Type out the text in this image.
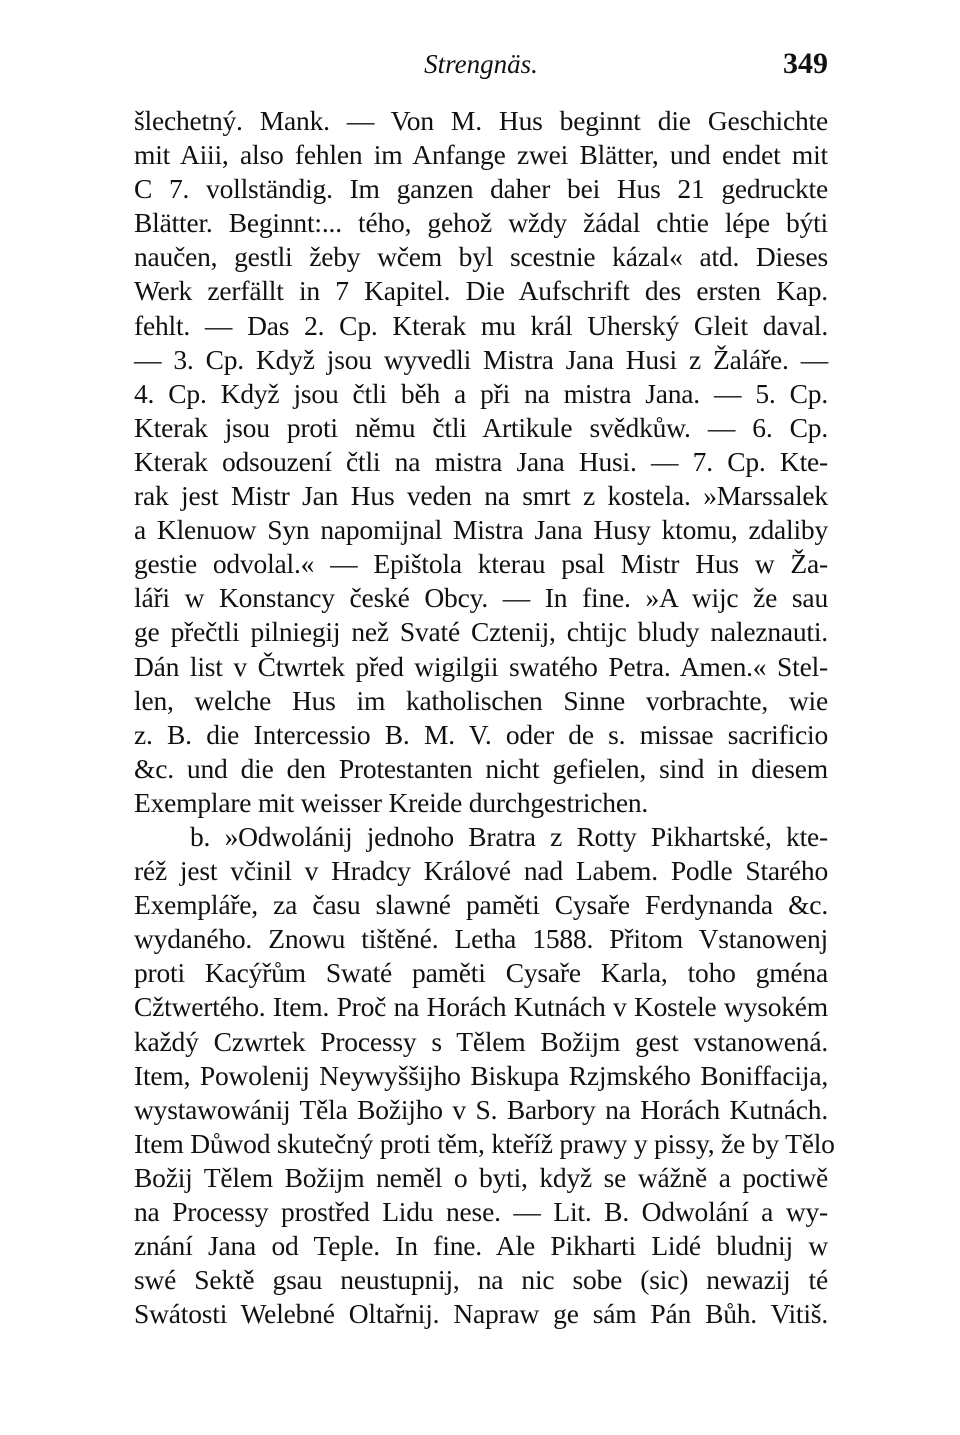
Strengnäs.	349
šlechetný. Mank. — Von M. Hus beginnt die Geschichte
mit Aiii, also fehlen im Anfange zwei Blätter, und endet mit
C 7. vollständig. Im ganzen daher bei Hus 21 gedruckte
Blätter. Beginnt:... tého, gehož wždy žádal chtie lépe býti
naučen, gestli žeby wčem byl scestnie kázal« atd. Dieses
Werk zerfällt in 7 Kapitel. Die Aufschrift des ersten Kap.
fehlt. — Das 2. Cp. Kterak mu král Uherský Gleit daval.
— 3. Cp. Když jsou wyvedli Mistra Jana Husi z Žaláře. —
4. Cp. Když jsou čtli běh a při na mistra Jana. — 5. Cp.
Kterak jsou proti němu čtli Artikule svědkůw. — 6. Cp.
Kterak odsouzení čtli na mistra Jana Husi. — 7. Cp. Kte-
rak jest Mistr Jan Hus veden na smrt z kostela. »Marssalek
a Klenuow Syn napomijnal Mistra Jana Husy ktomu, zdaliby
gestie odvolal.« — Epištola kterau psal Mistr Hus w Ža-
láři w Konstancy české Obcy. — In fine. »A wijc že sau
ge přečtli pilniegij než Svaté Cztenij, chtijc bludy naleznauti.
Dán list v Čtwrtek před wigilgii swatého Petra. Amen.« Stel-
len, welche Hus im katholischen Sinne vorbrachte, wie
z. B. die Intercessio B. M. V. oder de s. missae sacrificio
&c. und die den Protestanten nicht gefielen, sind in diesem
Exemplare mit weisser Kreide durchgestrichen.
b. »Odwolánij jednoho Bratra z Rotty Pikhartské, kte-
réž jest včinil v Hradcy Králové nad Labem. Podle Starého
Exempláře, za času slawné paměti Cysaře Ferdynanda &c.
wydaného. Znowu tištěné. Letha 1588. Přitom Vstanowenj
proti Kacýřům Swaté paměti Cysaře Karla, toho gména
Cžtwertého. Item. Proč na Horách Kutnách v Kostele wysokém
každý Czwrtek Processy s Tělem Božijm gest vstanowená.
Item, Powolenij Neywyššijho Biskupa Rzjmského Boniffacija,
wystawowánij Těla Božijho v S. Barbory na Horách Kutnách.
Item Důwod skutečný proti těm, kteříž prawy y pissy, že by Tělo
Božij Tělem Božijm neměl o byti, když se wážně a poctiwě
na Processy prostřed Lidu nese. — Lit. B. Odwolání a wy-
znání Jana od Teple. In fine. Ale Pikharti Lidé bludnij w
swé Sektě gsau neustupnij, na nic sobe (sic) newazij té
Swátosti Welebné Oltařnij. Napraw ge sám Pán Bůh. Vitiš.
